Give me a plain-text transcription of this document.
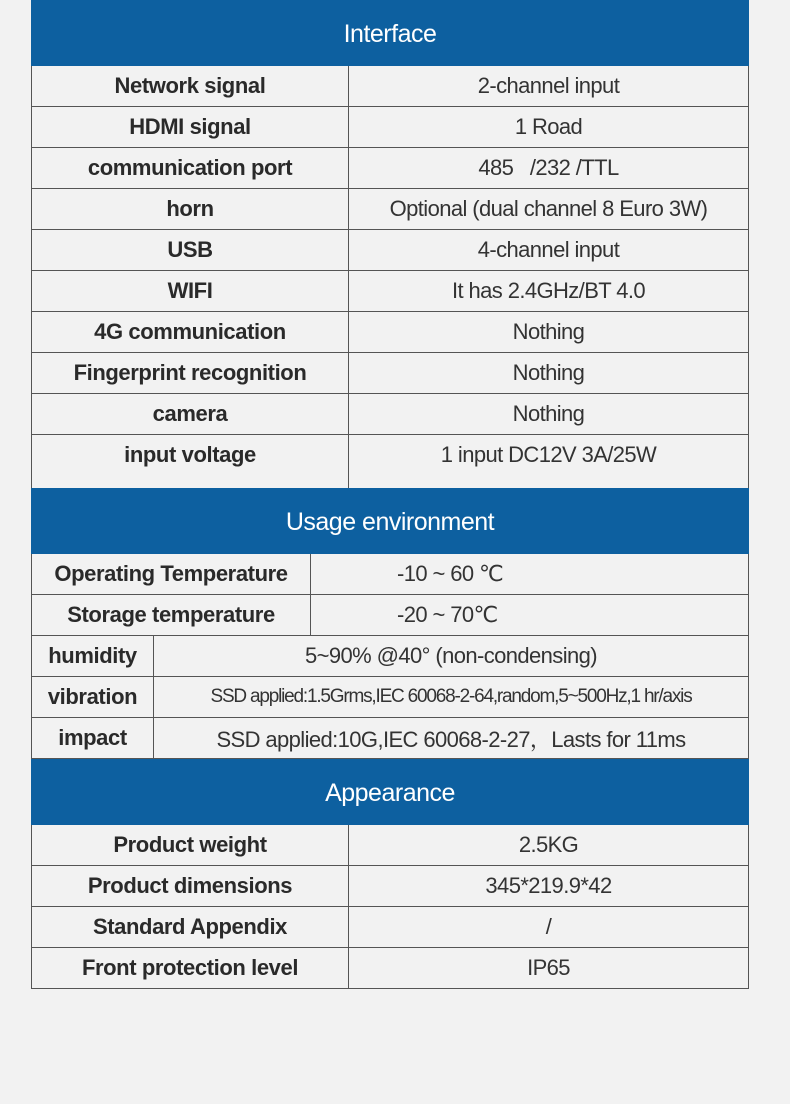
Interface
Network signal	2-channel input
HDMI signal	1 Road
communication port	485   /232 /TTL
horn	Optional (dual channel 8 Euro 3W)
USB	4-channel input
WIFI	It has 2.4GHz/BT 4.0
4G communication	Nothing
Fingerprint recognition	Nothing
camera	Nothing
input voltage	1 input DC12V 3A/25W
Usage environment
Operating Temperature	-10 ~ 60 ℃
Storage temperature	-20 ~ 70℃
humidity	5~90% @40° (non-condensing)
vibration	SSD applied:1.5Grms,IEC 60068-2-64,random,5~500Hz,1 hr/axis
impact	SSD applied:10G,IEC 60068-2-27，Lasts for 11ms
Appearance
Product weight	2.5KG
Product dimensions	345*219.9*42
Standard Appendix	/
Front protection level	IP65
